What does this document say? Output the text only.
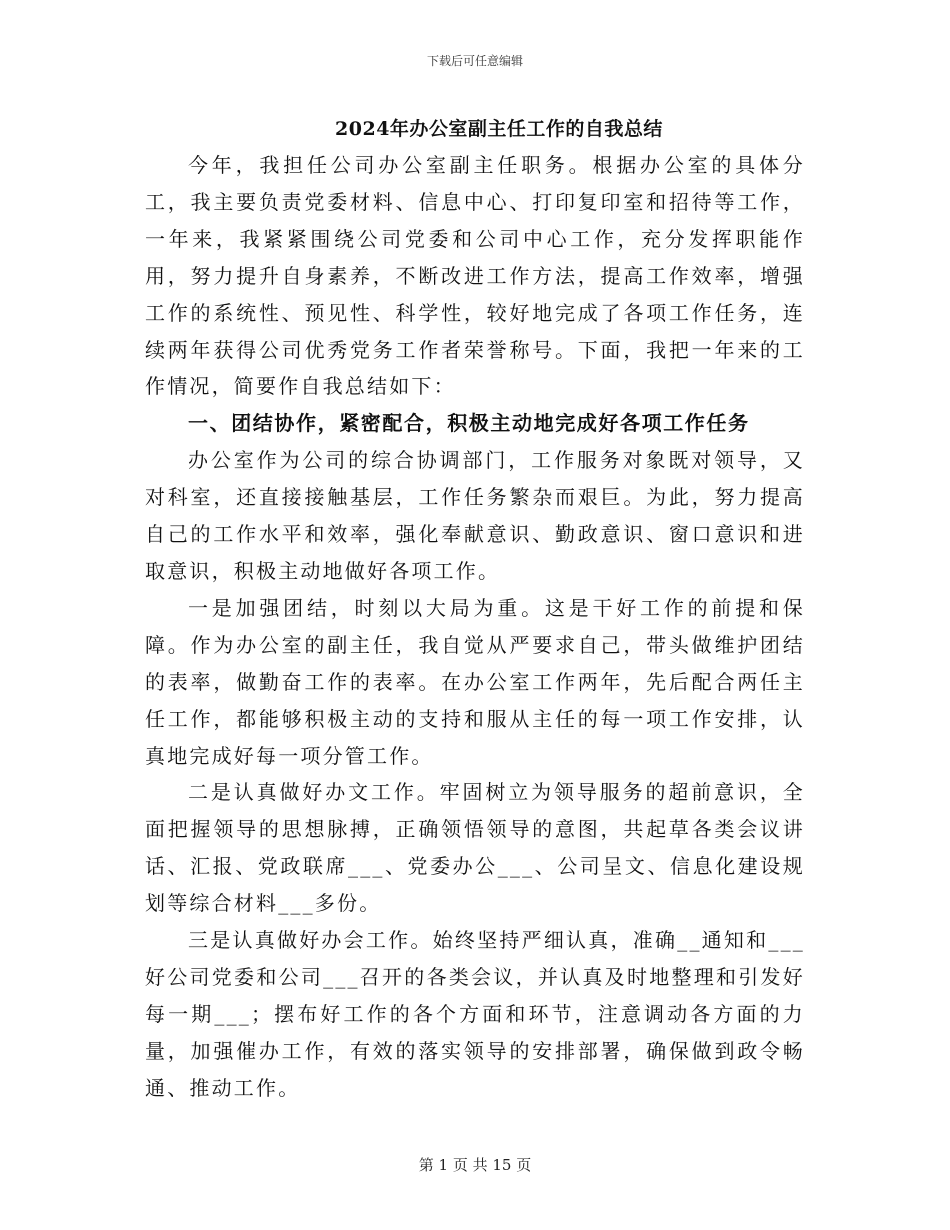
下载后可任意编辑
2024年办公室副主任工作的自我总结

今年，我担任公司办公室副主任职务。根据办公室的具体分工，我主要负责党委材料、信息中心、打印复印室和招待等工作，一年来，我紧紧围绕公司党委和公司中心工作，充分发挥职能作用，努力提升自身素养，不断改进工作方法，提高工作效率，增强工作的系统性、预见性、科学性，较好地完成了各项工作任务，连续两年获得公司优秀党务工作者荣誉称号。下面，我把一年来的工作情况，简要作自我总结如下：

一、团结协作，紧密配合，积极主动地完成好各项工作任务

办公室作为公司的综合协调部门，工作服务对象既对领导，又对科室，还直接接触基层，工作任务繁杂而艰巨。为此，努力提高自己的工作水平和效率，强化奉献意识、勤政意识、窗口意识和进取意识，积极主动地做好各项工作。

一是加强团结，时刻以大局为重。这是干好工作的前提和保障。作为办公室的副主任，我自觉从严要求自己，带头做维护团结的表率，做勤奋工作的表率。在办公室工作两年，先后配合两任主任工作，都能够积极主动的支持和服从主任的每一项工作安排，认真地完成好每一项分管工作。

二是认真做好办文工作。牢固树立为领导服务的超前意识，全面把握领导的思想脉搏，正确领悟领导的意图，共起草各类会议讲话、汇报、党政联席___、党委办公___、公司呈文、信息化建设规划等综合材料___多份。

三是认真做好办会工作。始终坚持严细认真，准确__通知和___好公司党委和公司___召开的各类会议，并认真及时地整理和引发好每一期___；摆布好工作的各个方面和环节，注意调动各方面的力量，加强催办工作，有效的落实领导的安排部署，确保做到政令畅通、推动工作。

第 1 页 共 15 页
